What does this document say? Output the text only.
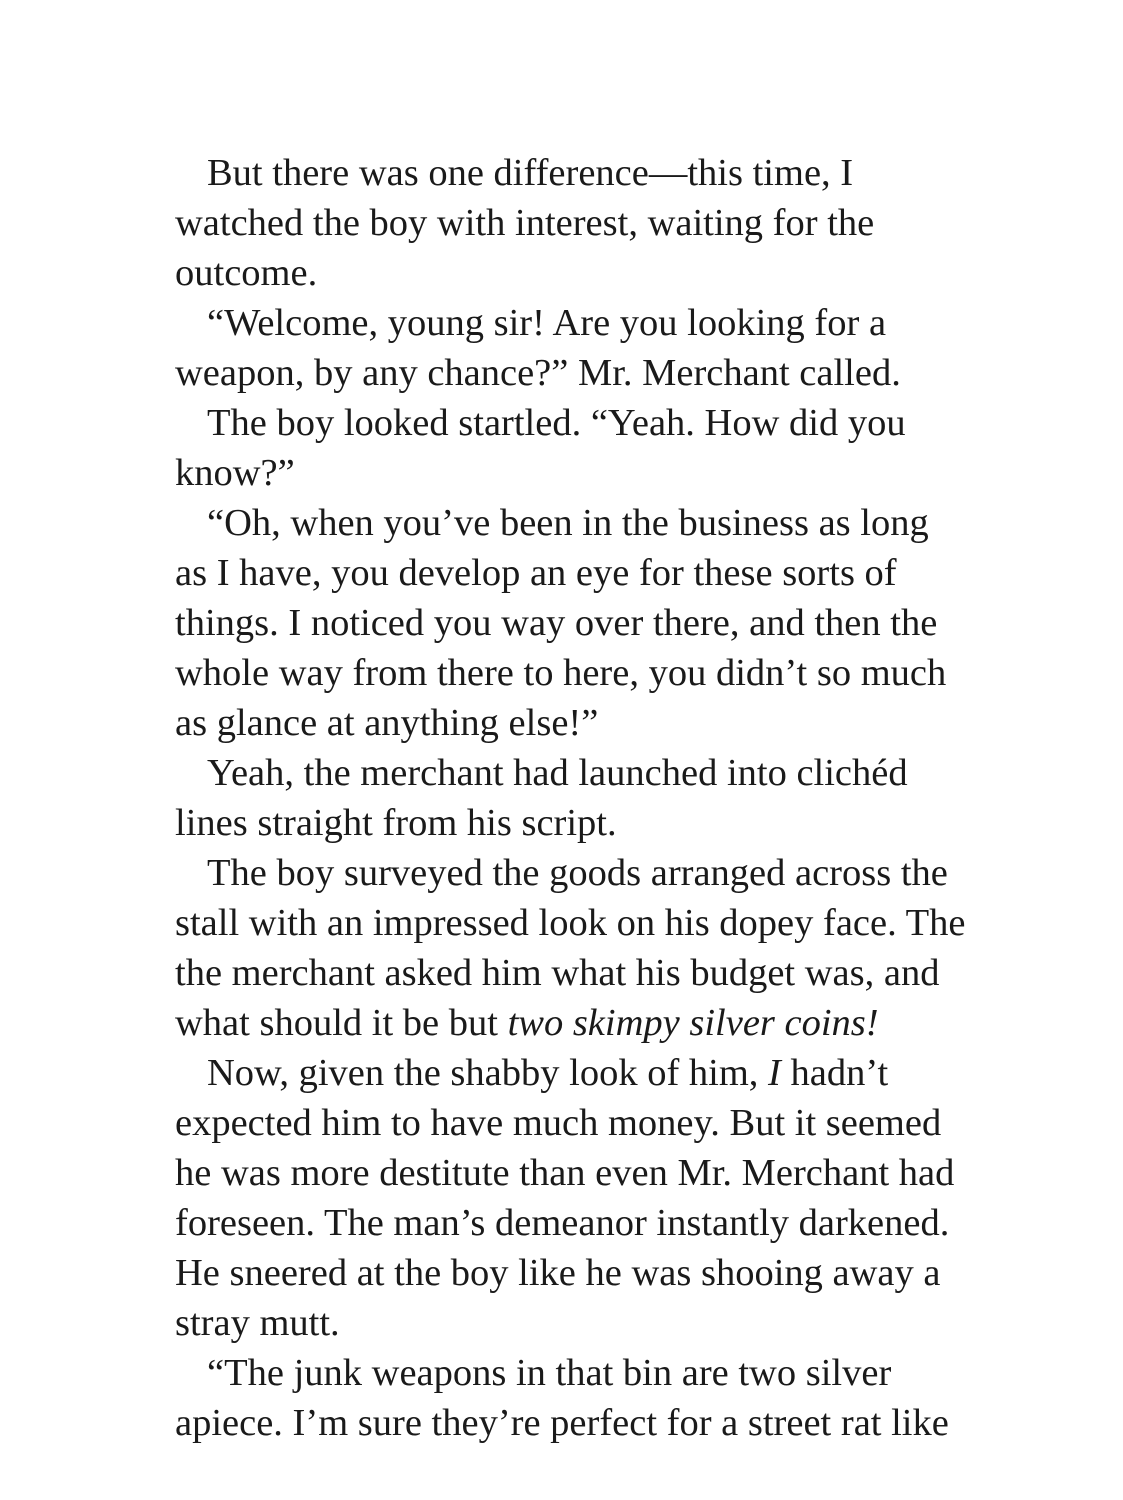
But there was one difference—this time, I
watched the boy with interest, waiting for the
outcome.
“Welcome, young sir! Are you looking for a
weapon, by any chance?” Mr. Merchant called.
The boy looked startled. “Yeah. How did you
know?”
“Oh, when you’ve been in the business as long
as I have, you develop an eye for these sorts of
things. I noticed you way over there, and then the
whole way from there to here, you didn’t so much
as glance at anything else!”
Yeah, the merchant had launched into clichéd
lines straight from his script.
The boy surveyed the goods arranged across the
stall with an impressed look on his dopey face. The
the merchant asked him what his budget was, and
what should it be but two skimpy silver coins!
Now, given the shabby look of him, I hadn’t
expected him to have much money. But it seemed
he was more destitute than even Mr. Merchant had
foreseen. The man’s demeanor instantly darkened.
He sneered at the boy like he was shooing away a
stray mutt.
“The junk weapons in that bin are two silver
apiece. I’m sure they’re perfect for a street rat like
